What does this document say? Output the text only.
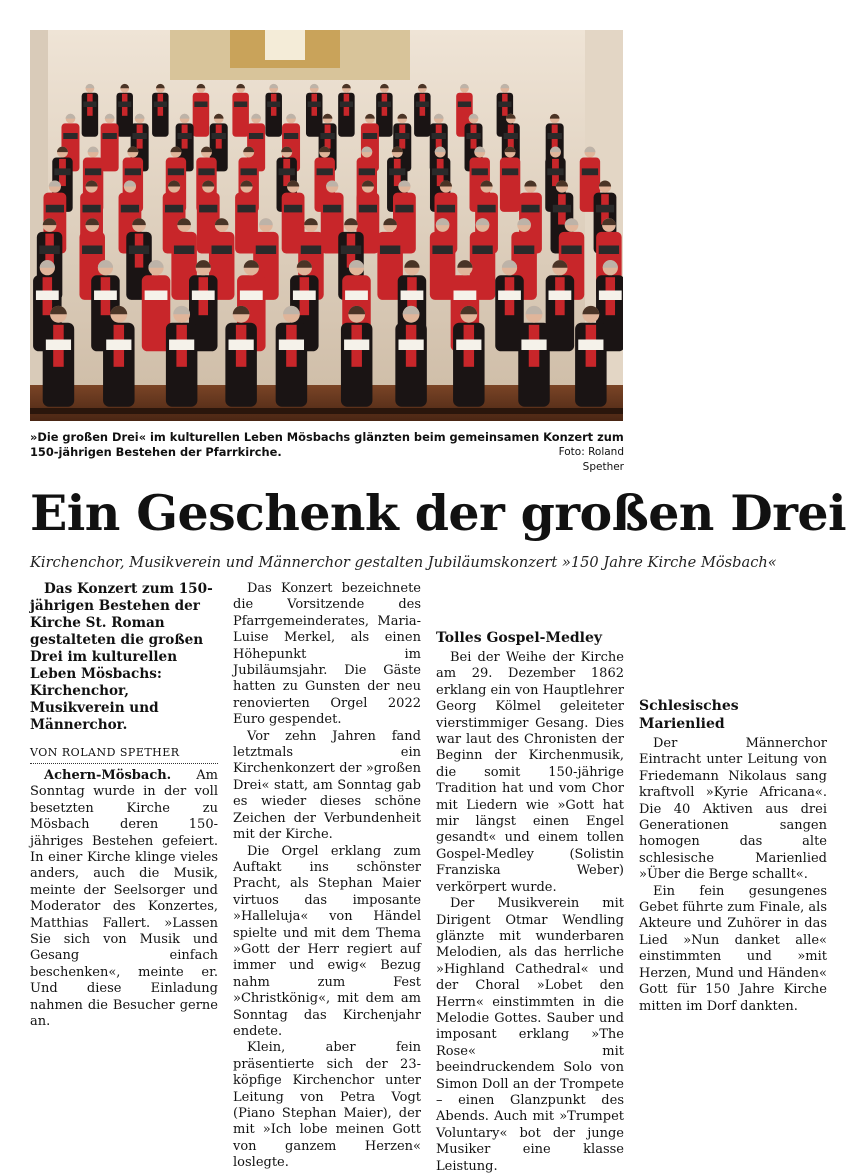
»Die großen Drei« im kulturellen Leben Mösbachs glänzten beim gemeinsamen Konzert zum 150-jährigen Bestehen der Pfarrkirche.	Foto: Roland Spether
Ein Geschenk der großen Drei
Kirchenchor, Musikverein und Männerchor gestalten Jubiläumskonzert »150 Jahre Kirche Mösbach«

Das Konzert zum 150-jährigen Bestehen der Kirche St. Roman gestalteten die großen Drei im kulturellen Leben Mösbachs: Kirchenchor, Musikverein und Männerchor.

VON ROLAND SPETHER

Achern-Mösbach. Am Sonntag wurde in der voll besetzten Kirche zu Mösbach deren 150-jähriges Bestehen gefeiert. In einer Kirche klinge vieles anders, auch die Musik, meinte der Seelsorger und Moderator des Konzertes, Matthias Fallert. »Lassen Sie sich von Musik und Gesang einfach beschenken«, meinte er. Und diese Einladung nahmen die Besucher gerne an.

Das Konzert bezeichnete die Vorsitzende des Pfarrgemeinderates, Maria-Luise Merkel, als einen Höhepunkt im Jubiläumsjahr. Die Gäste hatten zu Gunsten der neu renovierten Orgel 2022 Euro gespendet.

Vor zehn Jahren fand letztmals ein Kirchenkonzert der »großen Drei« statt, am Sonntag gab es wieder dieses schöne Zeichen der Verbundenheit mit der Kirche.

Die Orgel erklang zum Auftakt ins schönster Pracht, als Stephan Maier virtuos das imposante »Halleluja« von Händel spielte und mit dem Thema »Gott der Herr regiert auf immer und ewig« Bezug nahm zum Fest »Christkönig«, mit dem am Sonntag das Kirchenjahr endete.

Klein, aber fein präsentierte sich der 23-köpfige Kirchenchor unter Leitung von Petra Vogt (Piano Stephan Maier), der mit »Ich lobe meinen Gott von ganzem Herzen« loslegte.

Tolles Gospel-Medley

Bei der Weihe der Kirche am 29. Dezember 1862 erklang ein von Hauptlehrer Georg Kölmel geleiteter vierstimmiger Gesang. Dies war laut des Chronisten der Beginn der Kirchenmusik, die somit 150-jährige Tradition hat und vom Chor mit Liedern wie »Gott hat mir längst einen Engel gesandt« und einem tollen Gospel-Medley (Solistin Franziska Weber) verkörpert wurde.

Der Musikverein mit Dirigent Otmar Wendling glänzte mit wunderbaren Melodien, als das herrliche »Highland Cathedral« und der Choral »Lobet den Herrn« einstimmten in die Melodie Gottes. Sauber und imposant erklang »The Rose« mit beeindruckendem Solo von Simon Doll an der Trompete – einen Glanzpunkt des Abends. Auch mit »Trumpet Voluntary« bot der junge Musiker eine klasse Leistung.

Schlesisches Marienlied

Der Männerchor Eintracht unter Leitung von Friedemann Nikolaus sang kraftvoll »Kyrie Africana«. Die 40 Aktiven aus drei Generationen sangen homogen das alte schlesische Marienlied »Über die Berge schallt«.

Ein fein gesungenes Gebet führte zum Finale, als Akteure und Zuhörer in das Lied »Nun danket alle« einstimmten und »mit Herzen, Mund und Händen« Gott für 150 Jahre Kirche mitten im Dorf dankten.
